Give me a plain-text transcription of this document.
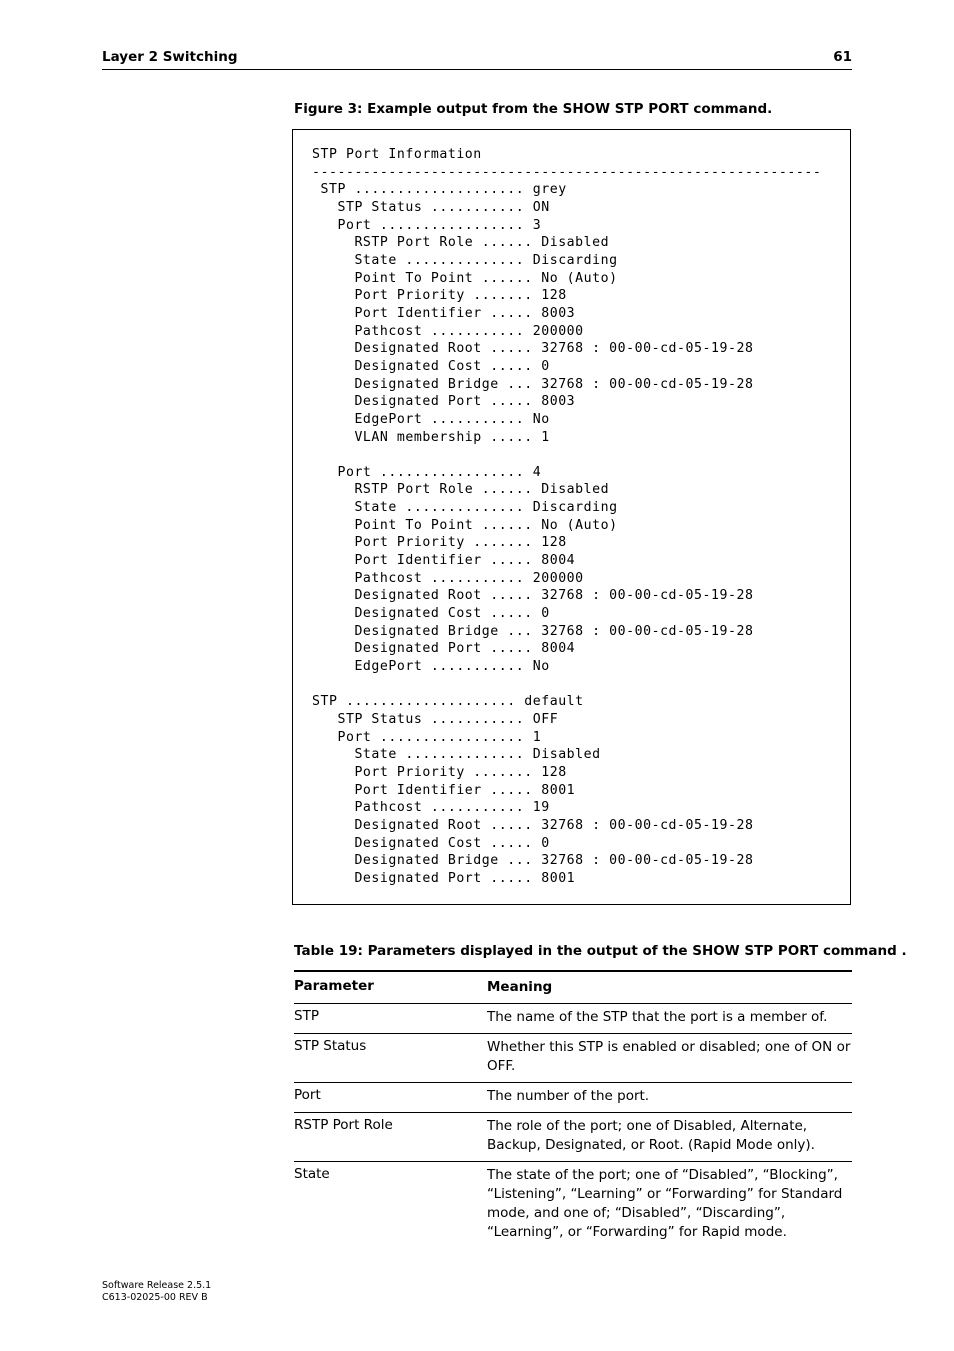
Layer 2 Switching	61
Figure 3: Example output from the SHOW STP PORT command.
STP Port Information
------------------------------------------------------------
STP .................... grey
STP Status ........... ON
Port ................. 3
RSTP Port Role ...... Disabled
State .............. Discarding
Point To Point ...... No (Auto)
Port Priority ....... 128
Port Identifier ..... 8003
Pathcost ........... 200000
Designated Root ..... 32768 : 00-00-cd-05-19-28
Designated Cost ..... 0
Designated Bridge ... 32768 : 00-00-cd-05-19-28
Designated Port ..... 8003
EdgePort ........... No
VLAN membership ..... 1

Port ................. 4
RSTP Port Role ...... Disabled
State .............. Discarding
Point To Point ...... No (Auto)
Port Priority ....... 128
Port Identifier ..... 8004
Pathcost ........... 200000
Designated Root ..... 32768 : 00-00-cd-05-19-28
Designated Cost ..... 0
Designated Bridge ... 32768 : 00-00-cd-05-19-28
Designated Port ..... 8004
EdgePort ........... No

STP .................... default
STP Status ........... OFF
Port ................. 1
State .............. Disabled
Port Priority ....... 128
Port Identifier ..... 8001
Pathcost ........... 19
Designated Root ..... 32768 : 00-00-cd-05-19-28
Designated Cost ..... 0
Designated Bridge ... 32768 : 00-00-cd-05-19-28
Designated Port ..... 8001
Table 19: Parameters displayed in the output of the SHOW STP PORT command .
Parameter	Meaning
STP	The name of the STP that the port is a member of.
STP Status	Whether this STP is enabled or disabled; one of ON or OFF.
Port	The number of the port.
RSTP Port Role	The role of the port; one of Disabled, Alternate, Backup, Designated, or Root. (Rapid Mode only).
State	The state of the port; one of “Disabled”, “Blocking”, “Listening”, “Learning” or “Forwarding” for Standard mode, and one of; “Disabled”, “Discarding”, “Learning”, or “Forwarding” for Rapid mode.
Software Release 2.5.1
C613-02025-00 REV B
